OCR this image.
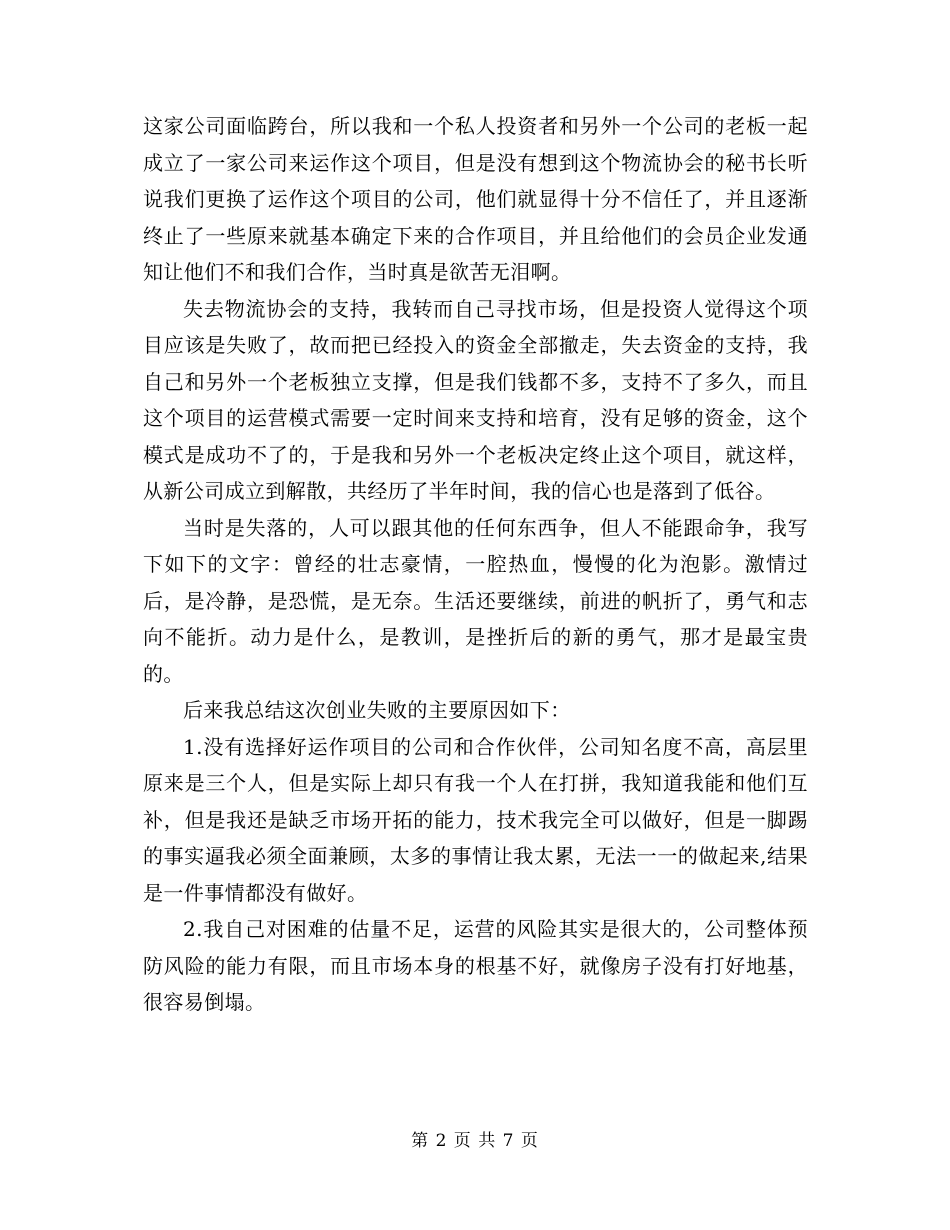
这家公司面临跨台，所以我和一个私人投资者和另外一个公司的老板一起成立了一家公司来运作这个项目，但是没有想到这个物流协会的秘书长听说我们更换了运作这个项目的公司，他们就显得十分不信任了，并且逐渐终止了一些原来就基本确定下来的合作项目，并且给他们的会员企业发通知让他们不和我们合作，当时真是欲苦无泪啊。

失去物流协会的支持，我转而自己寻找市场，但是投资人觉得这个项目应该是失败了，故而把已经投入的资金全部撤走，失去资金的支持，我自己和另外一个老板独立支撑，但是我们钱都不多，支持不了多久，而且这个项目的运营模式需要一定时间来支持和培育，没有足够的资金，这个模式是成功不了的，于是我和另外一个老板决定终止这个项目，就这样，从新公司成立到解散，共经历了半年时间，我的信心也是落到了低谷。

当时是失落的，人可以跟其他的任何东西争，但人不能跟命争，我写下如下的文字：曾经的壮志豪情，一腔热血，慢慢的化为泡影。激情过后，是冷静，是恐慌，是无奈。生活还要继续，前进的帆折了，勇气和志向不能折。动力是什么，是教训，是挫折后的新的勇气，那才是最宝贵的。

后来我总结这次创业失败的主要原因如下：

1.没有选择好运作项目的公司和合作伙伴，公司知名度不高，高层里原来是三个人，但是实际上却只有我一个人在打拼，我知道我能和他们互补，但是我还是缺乏市场开拓的能力，技术我完全可以做好，但是一脚踢的事实逼我必须全面兼顾，太多的事情让我太累，无法一一的做起来,结果是一件事情都没有做好。

2.我自己对困难的估量不足，运营的风险其实是很大的，公司整体预防风险的能力有限，而且市场本身的根基不好，就像房子没有打好地基，很容易倒塌。

第 2 页 共 7 页
